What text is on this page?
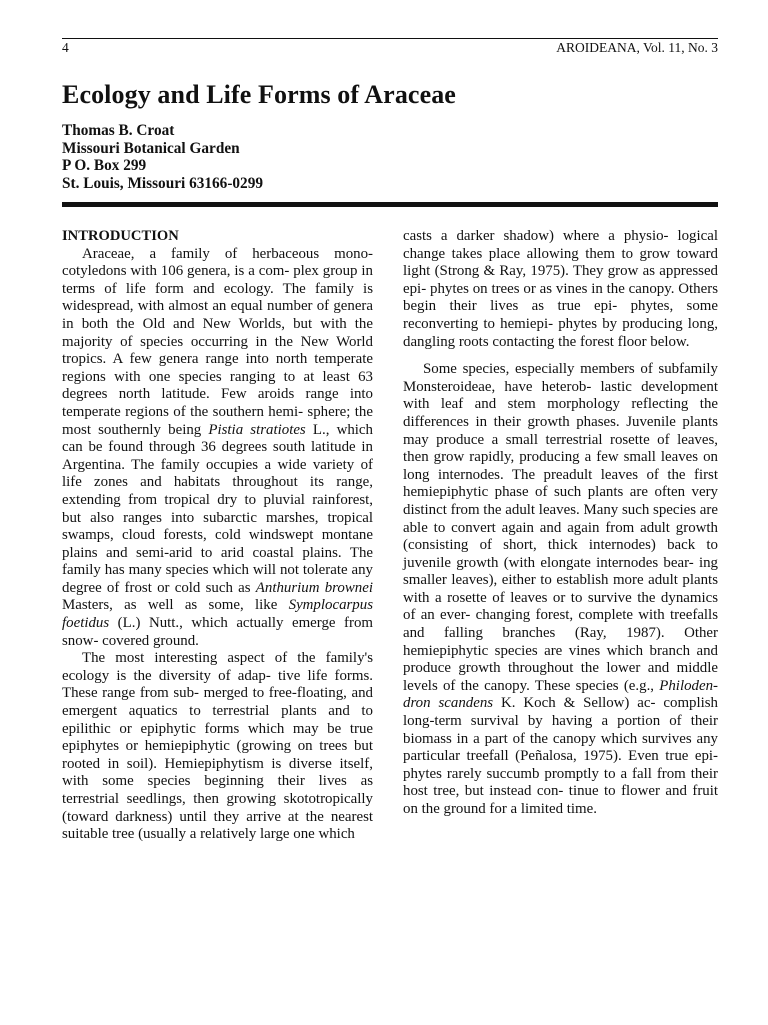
4	AROIDEANA, Vol. 11, No. 3
Ecology and Life Forms of Araceae
Thomas B. Croat
Missouri Botanical Garden
P O. Box 299
St. Louis, Missouri 63166-0299

INTRODUCTION

Araceae, a family of herbaceous mono- cotyledons with 106 genera, is a com- plex group in terms of life form and ecology. The family is widespread, with almost an equal number of genera in both the Old and New Worlds, but with the majority of species occurring in the New World tropics. A few genera range into north temperate regions with one species ranging to at least 63 degrees north latitude. Few aroids range into temperate regions of the southern hemi- sphere; the most southernly being Pistia stratiotes L., which can be found through 36 degrees south latitude in Argentina. The family occupies a wide variety of life zones and habitats throughout its range, extending from tropical dry to pluvial rainforest, but also ranges into subarctic marshes, tropical swamps, cloud forests, cold windswept montane plains and semi-arid to arid coastal plains. The family has many species which will not tolerate any degree of frost or cold such as Anthurium brownei Masters, as well as some, like Symplocarpus foetidus (L.) Nutt., which actually emerge from snow- covered ground.

The most interesting aspect of the family's ecology is the diversity of adap- tive life forms. These range from sub- merged to free-floating, and emergent aquatics to terrestrial plants and to epilithic or epiphytic forms which may be true epiphytes or hemiepiphytic (growing on trees but rooted in soil). Hemiepiphytism is diverse itself, with some species beginning their lives as terrestrial seedlings, then growing skototropically (toward darkness) until they arrive at the nearest suitable tree (usually a relatively large one which

casts a darker shadow) where a physio- logical change takes place allowing them to grow toward light (Strong & Ray, 1975). They grow as appressed epi- phytes on trees or as vines in the canopy. Others begin their lives as true epi- phytes, some reconverting to hemiepi- phytes by producing long, dangling roots contacting the forest floor below.

Some species, especially members of subfamily Monsteroideae, have heterob- lastic development with leaf and stem morphology reflecting the differences in their growth phases. Juvenile plants may produce a small terrestrial rosette of leaves, then grow rapidly, producing a few small leaves on long internodes. The preadult leaves of the first hemiepiphytic phase of such plants are often very distinct from the adult leaves. Many such species are able to convert again and again from adult growth (consisting of short, thick internodes) back to juvenile growth (with elongate internodes bear- ing smaller leaves), either to establish more adult plants with a rosette of leaves or to survive the dynamics of an ever- changing forest, complete with treefalls and falling branches (Ray, 1987). Other hemiepiphytic species are vines which branch and produce growth throughout the lower and middle levels of the canopy. These species (e.g., Philoden- dron scandens K. Koch & Sellow) ac- complish long-term survival by having a portion of their biomass in a part of the canopy which survives any particular treefall (Peñalosa, 1975). Even true epi- phytes rarely succumb promptly to a fall from their host tree, but instead con- tinue to flower and fruit on the ground for a limited time.
